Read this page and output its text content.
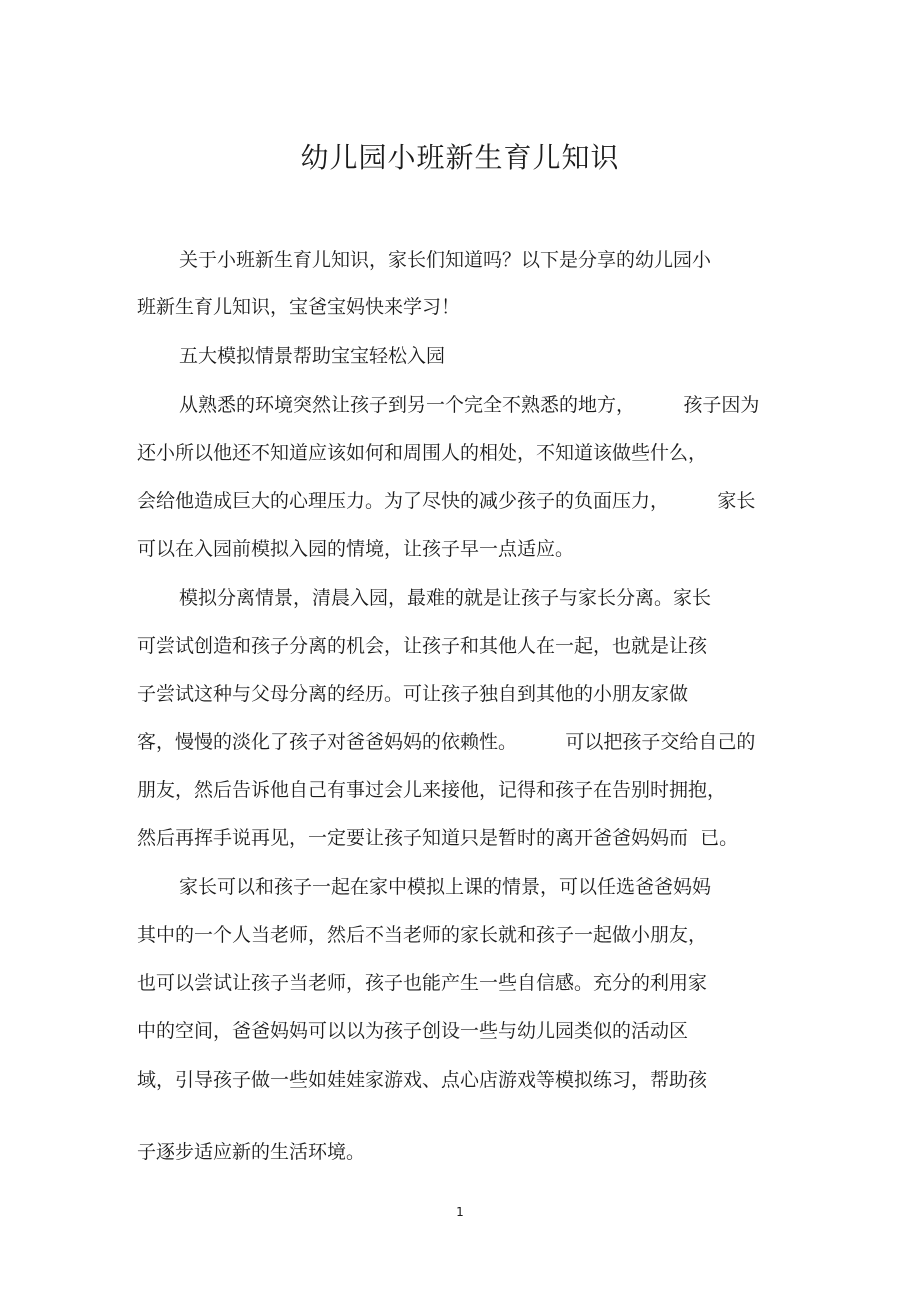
幼儿园小班新生育儿知识
关于小班新生育儿知识，家长们知道吗？以下是分享的幼儿园小
班新生育儿知识，宝爸宝妈快来学习！
五大模拟情景帮助宝宝轻松入园
从熟悉的环境突然让孩子到另一个完全不熟悉的地方，        孩子因为
还小所以他还不知道应该如何和周围人的相处，不知道该做些什么，
会给他造成巨大的心理压力。为了尽快的减少孩子的负面压力，        家长
可以在入园前模拟入园的情境，让孩子早一点适应。
模拟分离情景，清晨入园，最难的就是让孩子与家长分离。家长
可尝试创造和孩子分离的机会，让孩子和其他人在一起，也就是让孩
子尝试这种与父母分离的经历。可让孩子独自到其他的小朋友家做
客，慢慢的淡化了孩子对爸爸妈妈的依赖性。        可以把孩子交给自己的
朋友，然后告诉他自己有事过会儿来接他，记得和孩子在告别时拥抱，
然后再挥手说再见，一定要让孩子知道只是暂时的离开爸爸妈妈而  已。
家长可以和孩子一起在家中模拟上课的情景，可以任选爸爸妈妈
其中的一个人当老师，然后不当老师的家长就和孩子一起做小朋友，
也可以尝试让孩子当老师，孩子也能产生一些自信感。充分的利用家
中的空间，爸爸妈妈可以以为孩子创设一些与幼儿园类似的活动区
域，引导孩子做一些如娃娃家游戏、点心店游戏等模拟练习，帮助孩
子逐步适应新的生活环境。
1
